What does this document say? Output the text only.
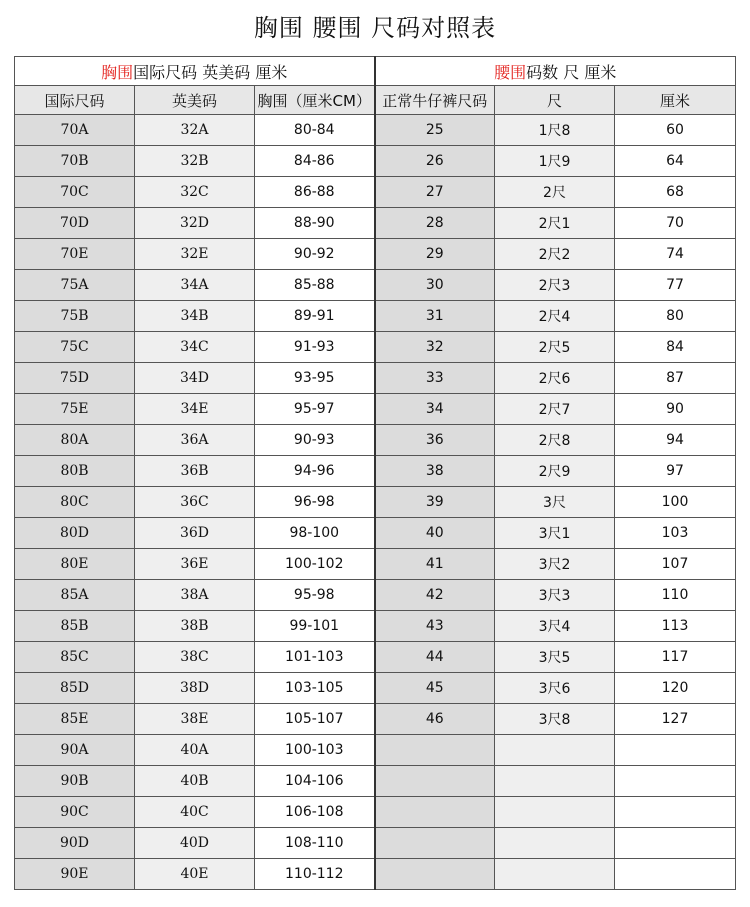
胸围 腰围 尺码对照表
胸围国际尺码 英美码 厘米			腰围码数 尺 厘米		
国际尺码	英美码	胸围（厘米CM）	正常牛仔裤尺码	尺	厘米
70A	32A	80-84	25	1尺8	60
70B	32B	84-86	26	1尺9	64
70C	32C	86-88	27	2尺	68
70D	32D	88-90	28	2尺1	70
70E	32E	90-92	29	2尺2	74
75A	34A	85-88	30	2尺3	77
75B	34B	89-91	31	2尺4	80
75C	34C	91-93	32	2尺5	84
75D	34D	93-95	33	2尺6	87
75E	34E	95-97	34	2尺7	90
80A	36A	90-93	36	2尺8	94
80B	36B	94-96	38	2尺9	97
80C	36C	96-98	39	3尺	100
80D	36D	98-100	40	3尺1	103
80E	36E	100-102	41	3尺2	107
85A	38A	95-98	42	3尺3	110
85B	38B	99-101	43	3尺4	113
85C	38C	101-103	44	3尺5	117
85D	38D	103-105	45	3尺6	120
85E	38E	105-107	46	3尺8	127
90A	40A	100-103			
90B	40B	104-106			
90C	40C	106-108			
90D	40D	108-110			
90E	40E	110-112			
